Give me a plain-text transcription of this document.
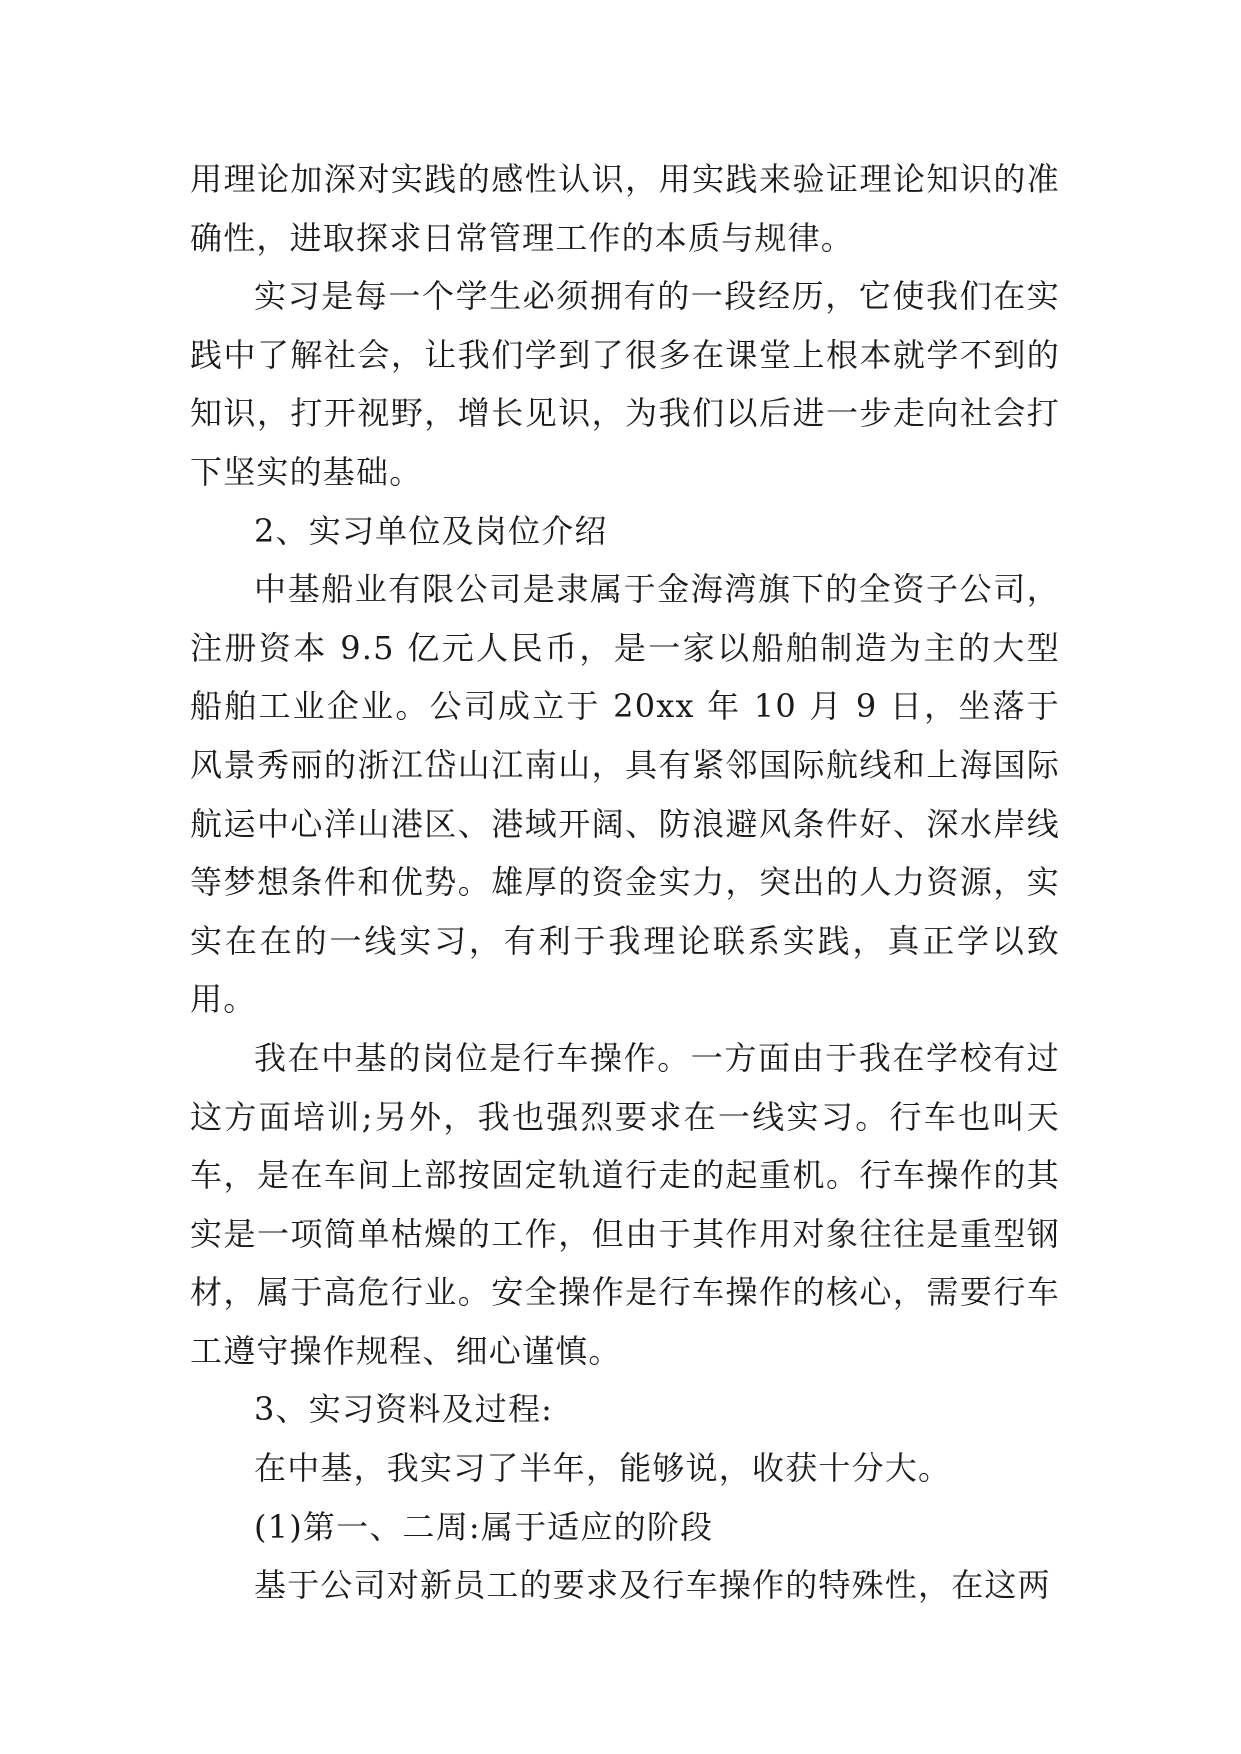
用理论加深对实践的感性认识，用实践来验证理论知识的准确性，进取探求日常管理工作的本质与规律。

实习是每一个学生必须拥有的一段经历，它使我们在实践中了解社会，让我们学到了很多在课堂上根本就学不到的知识，打开视野，增长见识，为我们以后进一步走向社会打下坚实的基础。

2、实习单位及岗位介绍

中基船业有限公司是隶属于金海湾旗下的全资子公司，注册资本 9.5 亿元人民币，是一家以船舶制造为主的大型船舶工业企业。公司成立于 20xx 年 10 月 9 日，坐落于风景秀丽的浙江岱山江南山，具有紧邻国际航线和上海国际航运中心洋山港区、港域开阔、防浪避风条件好、深水岸线等梦想条件和优势。雄厚的资金实力，突出的人力资源，实实在在的一线实习，有利于我理论联系实践，真正学以致用。

我在中基的岗位是行车操作。一方面由于我在学校有过这方面培训;另外，我也强烈要求在一线实习。行车也叫天车，是在车间上部按固定轨道行走的起重机。行车操作的其实是一项简单枯燥的工作，但由于其作用对象往往是重型钢材，属于高危行业。安全操作是行车操作的核心，需要行车工遵守操作规程、细心谨慎。

3、实习资料及过程:

在中基，我实习了半年，能够说，收获十分大。

(1)第一、二周:属于适应的阶段

基于公司对新员工的要求及行车操作的特殊性，在这两
